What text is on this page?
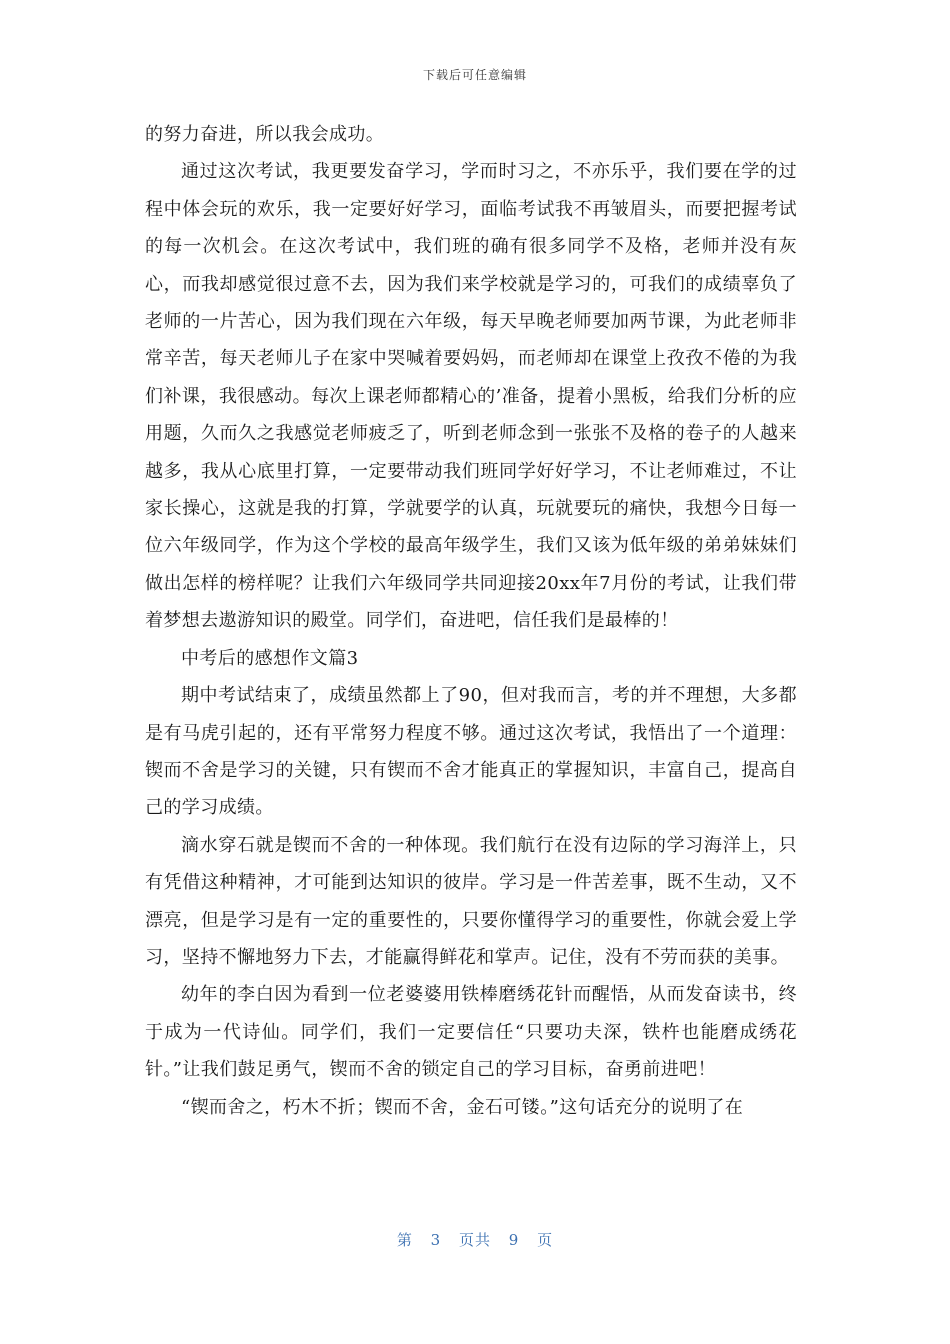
下载后可任意编辑

的努力奋进，所以我会成功。

通过这次考试，我更要发奋学习，学而时习之，不亦乐乎，我们要在学的过程中体会玩的欢乐，我一定要好好学习，面临考试我不再皱眉头，而要把握考试的每一次机会。在这次考试中，我们班的确有很多同学不及格，老师并没有灰心，而我却感觉很过意不去，因为我们来学校就是学习的，可我们的成绩辜负了老师的一片苦心，因为我们现在六年级，每天早晚老师要加两节课，为此老师非常辛苦，每天老师儿子在家中哭喊着要妈妈，而老师却在课堂上孜孜不倦的为我们补课，我很感动。每次上课老师都精心的’准备，提着小黑板，给我们分析的应用题，久而久之我感觉老师疲乏了，听到老师念到一张张不及格的卷子的人越来越多，我从心底里打算，一定要带动我们班同学好好学习，不让老师难过，不让家长操心，这就是我的打算，学就要学的认真，玩就要玩的痛快，我想今日每一位六年级同学，作为这个学校的最高年级学生，我们又该为低年级的弟弟妹妹们做出怎样的榜样呢？让我们六年级同学共同迎接20xx年7月份的考试，让我们带着梦想去遨游知识的殿堂。同学们，奋进吧，信任我们是最棒的！

中考后的感想作文篇3

期中考试结束了，成绩虽然都上了90，但对我而言，考的并不理想，大多都是有马虎引起的，还有平常努力程度不够。通过这次考试，我悟出了一个道理：锲而不舍是学习的关键，只有锲而不舍才能真正的掌握知识，丰富自己，提高自己的学习成绩。

滴水穿石就是锲而不舍的一种体现。我们航行在没有边际的学习海洋上，只有凭借这种精神，才可能到达知识的彼岸。学习是一件苦差事，既不生动，又不漂亮，但是学习是有一定的重要性的，只要你懂得学习的重要性，你就会爱上学习，坚持不懈地努力下去，才能赢得鲜花和掌声。记住，没有不劳而获的美事。

幼年的李白因为看到一位老婆婆用铁棒磨绣花针而醒悟，从而发奋读书，终于成为一代诗仙。同学们，我们一定要信任“只要功夫深，铁杵也能磨成绣花针。”让我们鼓足勇气，锲而不舍的锁定自己的学习目标，奋勇前进吧！

“锲而舍之，朽木不折；锲而不舍，金石可镂。”这句话充分的说明了在

第 3 页共 9 页
